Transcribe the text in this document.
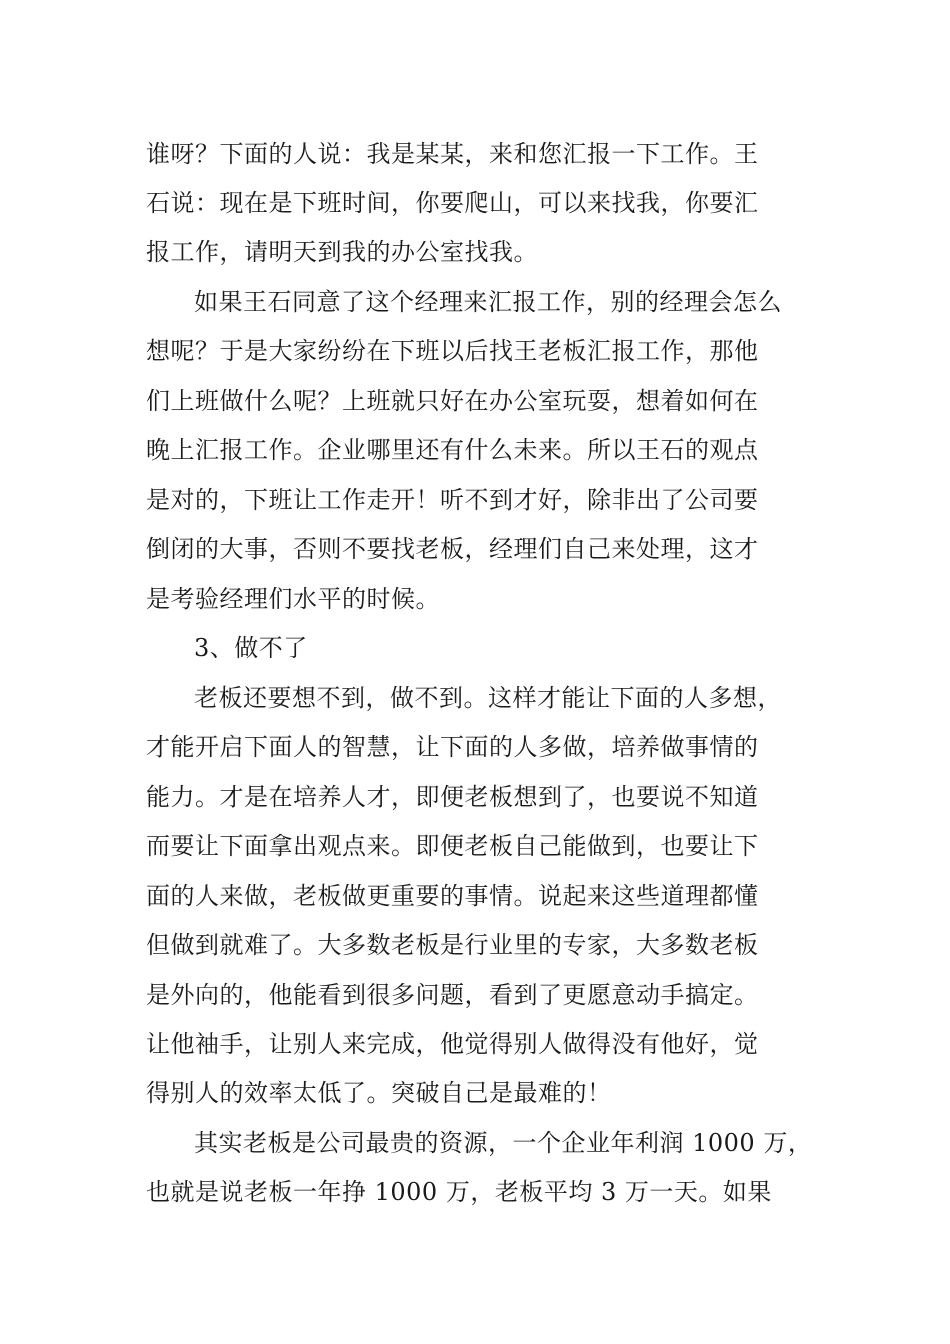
谁呀？下面的人说：我是某某，来和您汇报一下工作。王
石说：现在是下班时间，你要爬山，可以来找我，你要汇
报工作，请明天到我的办公室找我。
如果王石同意了这个经理来汇报工作，别的经理会怎么
想呢？于是大家纷纷在下班以后找王老板汇报工作，那他
们上班做什么呢？上班就只好在办公室玩耍，想着如何在
晚上汇报工作。企业哪里还有什么未来。所以王石的观点
是对的，下班让工作走开！听不到才好，除非出了公司要
倒闭的大事，否则不要找老板，经理们自己来处理，这才
是考验经理们水平的时候。
3、做不了
老板还要想不到，做不到。这样才能让下面的人多想，
才能开启下面人的智慧，让下面的人多做，培养做事情的
能力。才是在培养人才，即便老板想到了，也要说不知道
而要让下面拿出观点来。即便老板自己能做到，也要让下
面的人来做，老板做更重要的事情。说起来这些道理都懂
但做到就难了。大多数老板是行业里的专家，大多数老板
是外向的，他能看到很多问题，看到了更愿意动手搞定。
让他袖手，让别人来完成，他觉得别人做得没有他好，觉
得别人的效率太低了。突破自己是最难的！
其实老板是公司最贵的资源，一个企业年利润 1000 万，
也就是说老板一年挣 1000 万，老板平均 3 万一天。如果
